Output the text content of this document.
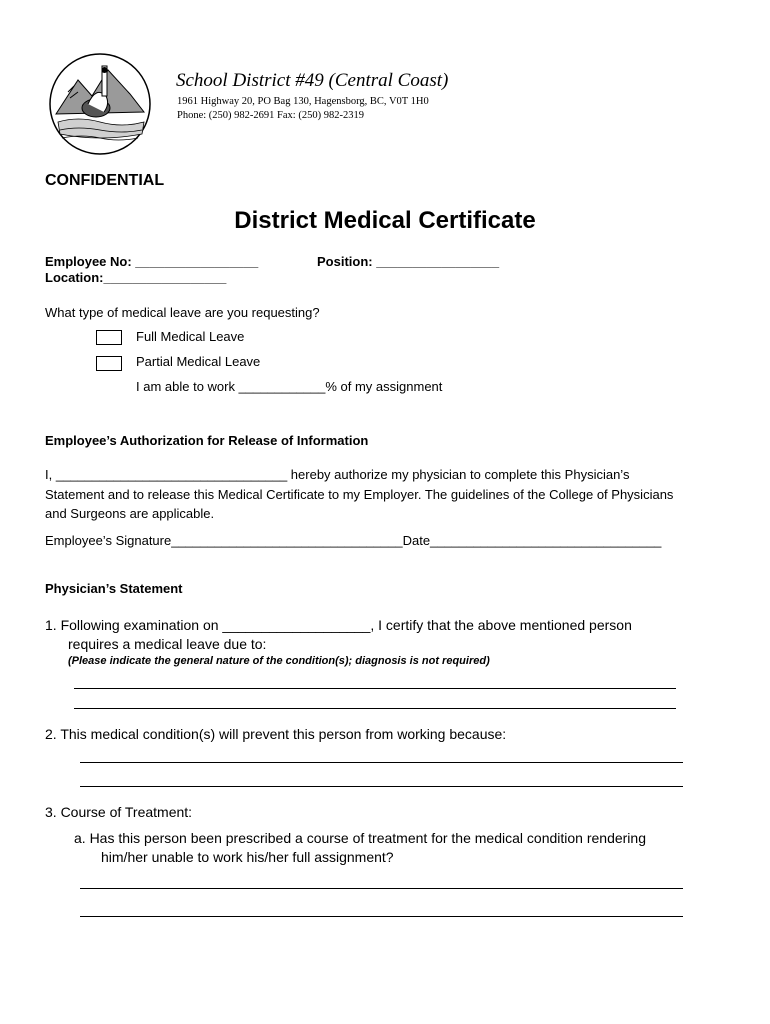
School District #49 (Central Coast)
1961 Highway 20, PO Bag 130, Hagensborg, BC, V0T 1H0
Phone: (250) 982-2691 Fax: (250) 982-2319
CONFIDENTIAL
District Medical Certificate
Employee No: _________________	Position: _________________
Location:_________________
What type of medical leave are you requesting?
Full Medical Leave
Partial Medical Leave
I am able to work ____________% of my assignment
Employee’s Authorization for Release of Information
I, ________________________________ hereby authorize my physician to complete this Physician’s
Statement and to release this Medical Certificate to my Employer. The guidelines of the College of Physicians
and Surgeons are applicable.
Employee’s Signature________________________________Date________________________________
Physician’s Statement
1. Following examination on ___________________, I certify that the above mentioned person
requires a medical leave due to:
(Please indicate the general nature of the condition(s); diagnosis is not required)
2. This medical condition(s) will prevent this person from working because:
3. Course of Treatment:
a. Has this person been prescribed a course of treatment for the medical condition rendering
him/her unable to work his/her full assignment?
